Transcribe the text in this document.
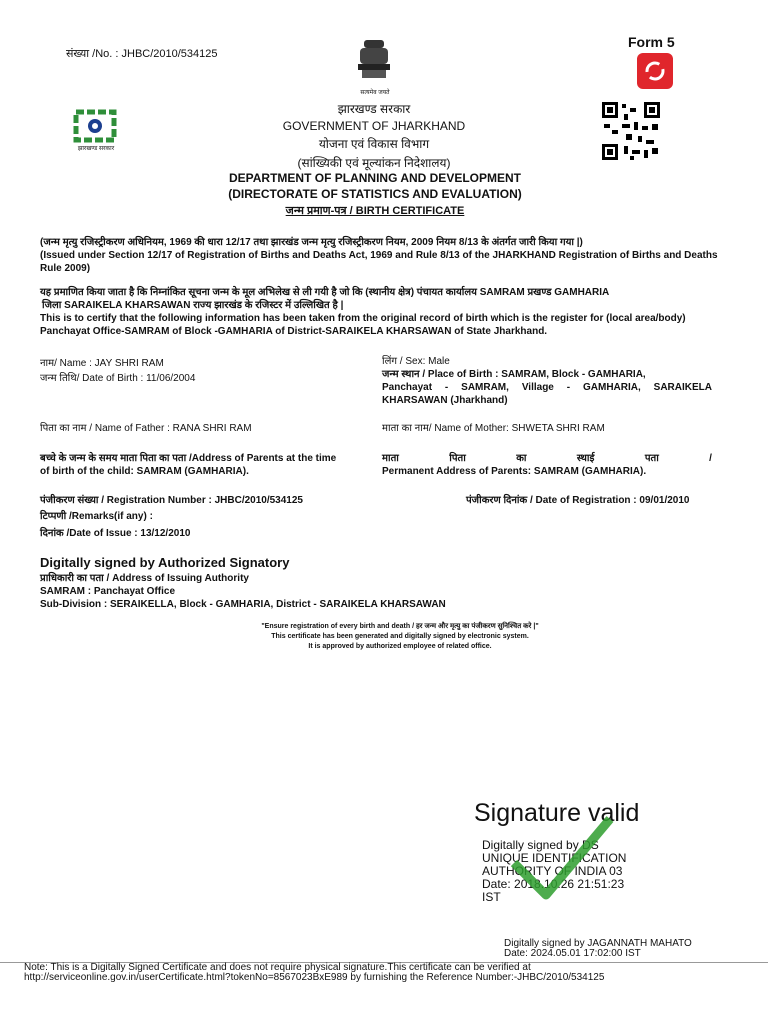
संख्या /No. : JHBC/2010/534125
Form 5
सत्यमेव जयते
झारखण्ड सरकार
झारखण्ड सरकार
GOVERNMENT OF JHARKHAND
योजना एवं विकास विभाग
(सांख्यिकी एवं मूल्यांकन निदेशालय)
DEPARTMENT OF PLANNING AND DEVELOPMENT
(DIRECTORATE OF STATISTICS AND EVALUATION)
जन्म प्रमाण-पत्र / BIRTH CERTIFICATE
(जन्म मृत्यु रजिस्ट्रीकरण अधिनियम, 1969 की धारा 12/17 तथा झारखंड जन्म मृत्यु रजिस्ट्रीकरण नियम, 2009 नियम 8/13 के अंतर्गत जारी किया गया |)
(Issued under Section 12/17 of Registration of Births and Deaths Act, 1969 and Rule 8/13 of the JHARKHAND Registration of Births and Deaths Rule 2009)
यह प्रमाणित किया जाता है कि निम्नांकित सूचना जन्म के मूल अभिलेख से ली गयी है जो कि (स्थानीय क्षेत्र) पंचायत कार्यालय SAMRAM प्रखण्ड GAMHARIA
जिला SARAIKELA KHARSAWAN राज्य झारखंड के रजिस्टर में उल्लिखित है |
This is to certify that the following information has been taken from the original record of birth which is the register for (local area/body) Panchayat Office-SAMRAM of Block -GAMHARIA of District-SARAIKELA KHARSAWAN of State Jharkhand.
नाम/ Name : JAY SHRI RAM	लिंग / Sex: Male
जन्म तिथि/ Date of Birth : 11/06/2004	जन्म स्थान / Place of Birth : SAMRAM, Block - GAMHARIA,
Panchayat - SAMRAM, Village - GAMHARIA, SARAIKELA
KHARSAWAN (Jharkhand)
पिता का नाम / Name of Father : RANA SHRI RAM	माता का नाम/ Name of Mother: SHWETA SHRI RAM
बच्चे के जन्म के समय माता पिता का पता /Address of Parents at the time
of birth of the child: SAMRAM (GAMHARIA).
माता	पिता	का	स्थाई	पता	/
Permanent Address of Parents: SAMRAM (GAMHARIA).
पंजीकरण संख्या / Registration Number : JHBC/2010/534125	पंजीकरण दिनांक / Date of Registration : 09/01/2010
टिप्पणी /Remarks(if any) :
दिनांक /Date of Issue : 13/12/2010
Digitally signed by Authorized Signatory
प्राधिकारी का पता / Address of Issuing Authority
SAMRAM : Panchayat Office
Sub-Division : SERAIKELLA, Block - GAMHARIA, District - SARAIKELA KHARSAWAN
"Ensure registration of every birth and death / हर जन्म और मृत्यु का पंजीकरण सुनिश्चित करे |"
This certificate has been generated and digitally signed by electronic system.
It is approved by authorized employee of related office.
Signature valid
Digitally signed by DS
UNIQUE IDENTIFICATION
AUTHORITY OF INDIA 03
Date: 2018.10.26 21:51:23
IST
Digitally signed by JAGANNATH MAHATO
Date: 2024.05.01 17:02:00 IST
Note: This is a Digitally Signed Certificate and does not require physical signature.This certificate can be verified at
http://serviceonline.gov.in/userCertificate.html?tokenNo=8567023BxE989 by furnishing the Reference Number:-JHBC/2010/534125
